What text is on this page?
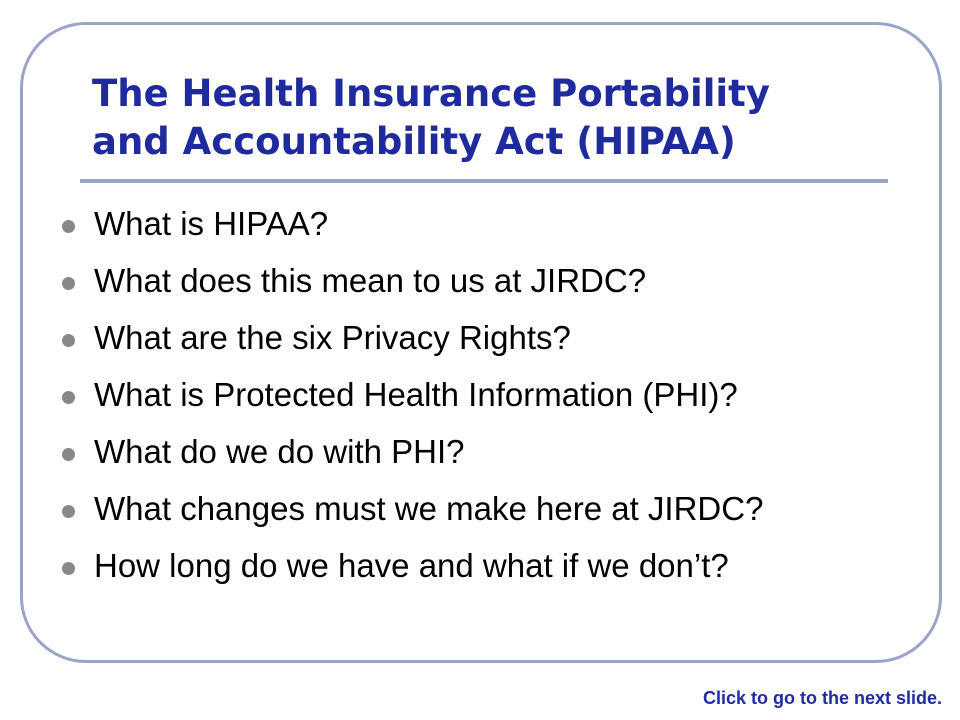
The Health Insurance Portability
and Accountability Act (HIPAA)
What is HIPAA?
What does this mean to us at JIRDC?
What are the six Privacy Rights?
What is Protected Health Information (PHI)?
What do we do with PHI?
What changes must we make here at JIRDC?
How long do we have and what if we don’t?
Click to go to the next slide.
